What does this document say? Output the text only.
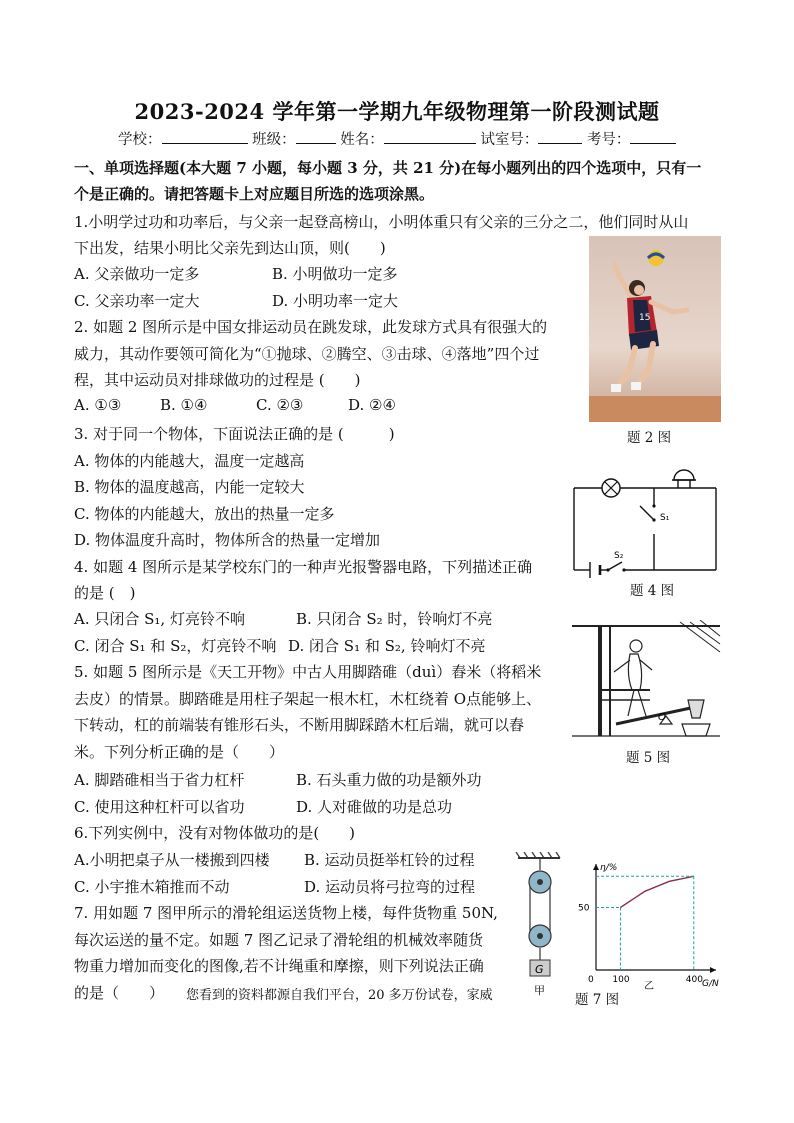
2023-2024 学年第一学期九年级物理第一阶段测试题
学校：	班级：	姓名：	试室号：	考号：
一、单项选择题(本大题 7 小题，每小题 3 分，共 21 分)在每小题列出的四个选项中，只有一
个是正确的。请把答题卡上对应题目所选的选项涂黑。
1.小明学过功和功率后，与父亲一起登高榜山，小明体重只有父亲的三分之二，他们同时从山
下出发，结果小明比父亲先到达山顶，则(　　)
A. 父亲做功一定多	B. 小明做功一定多
C. 父亲功率一定大	D. 小明功率一定大
2. 如题 2 图所示是中国女排运动员在跳发球，此发球方式具有很强大的
威力，其动作要领可简化为“①抛球、②腾空、③击球、④落地”四个过
程，其中运动员对排球做功的过程是 (　　)
A. ①③	B. ①④	C. ②③	D. ②④
15
题 2 图
3. 对于同一个物体，下面说法正确的是 (　　　)
A. 物体的内能越大，温度一定越高
B. 物体的温度越高，内能一定较大
C. 物体的内能越大，放出的热量一定多
D. 物体温度升高时，物体所含的热量一定增加
S₁
S₂
4. 如题 4 图所示是某学校东门的一种声光报警器电路，下列描述正确
的是 (　)	题 4 图
A. 只闭合 S₁, 灯亮铃不响	B. 只闭合 S₂ 时，铃响灯不亮
C. 闭合 S₁ 和 S₂，灯亮铃不响 D. 闭合 S₁ 和 S₂, 铃响灯不亮
O
题 5 图
5. 如题 5 图所示是《天工开物》中古人用脚踏碓（duì）舂米（将稻米
去皮）的情景。脚踏碓是用柱子架起一根木杠，木杠绕着 O点能够上、
下转动，杠的前端装有锥形石头，不断用脚踩踏木杠后端，就可以舂
米。下列分析正确的是（　　）
A. 脚踏碓相当于省力杠杆	B. 石头重力做的功是额外功
C. 使用这种杠杆可以省功	D. 人对碓做的功是总功
6.下列实例中，没有对物体做功的是(　　)
A.小明把桌子从一楼搬到四楼 B. 运动员挺举杠铃的过程
C. 小宇推木箱推而不动	D. 运动员将弓拉弯的过程
7. 用如题 7 图甲所示的滑轮组运送货物上楼，每件货物重 50N,
每次运送的量不定。如题 7 图乙记录了滑轮组的机械效率随货
物重力增加而变化的图像,若不计绳重和摩擦，则下列说法正确
的是（　　） 您看到的资料都源自我们平台，20 多万份试卷，家威
G
甲
η/%
G/N
0 100	400
50
乙
题 7 图
